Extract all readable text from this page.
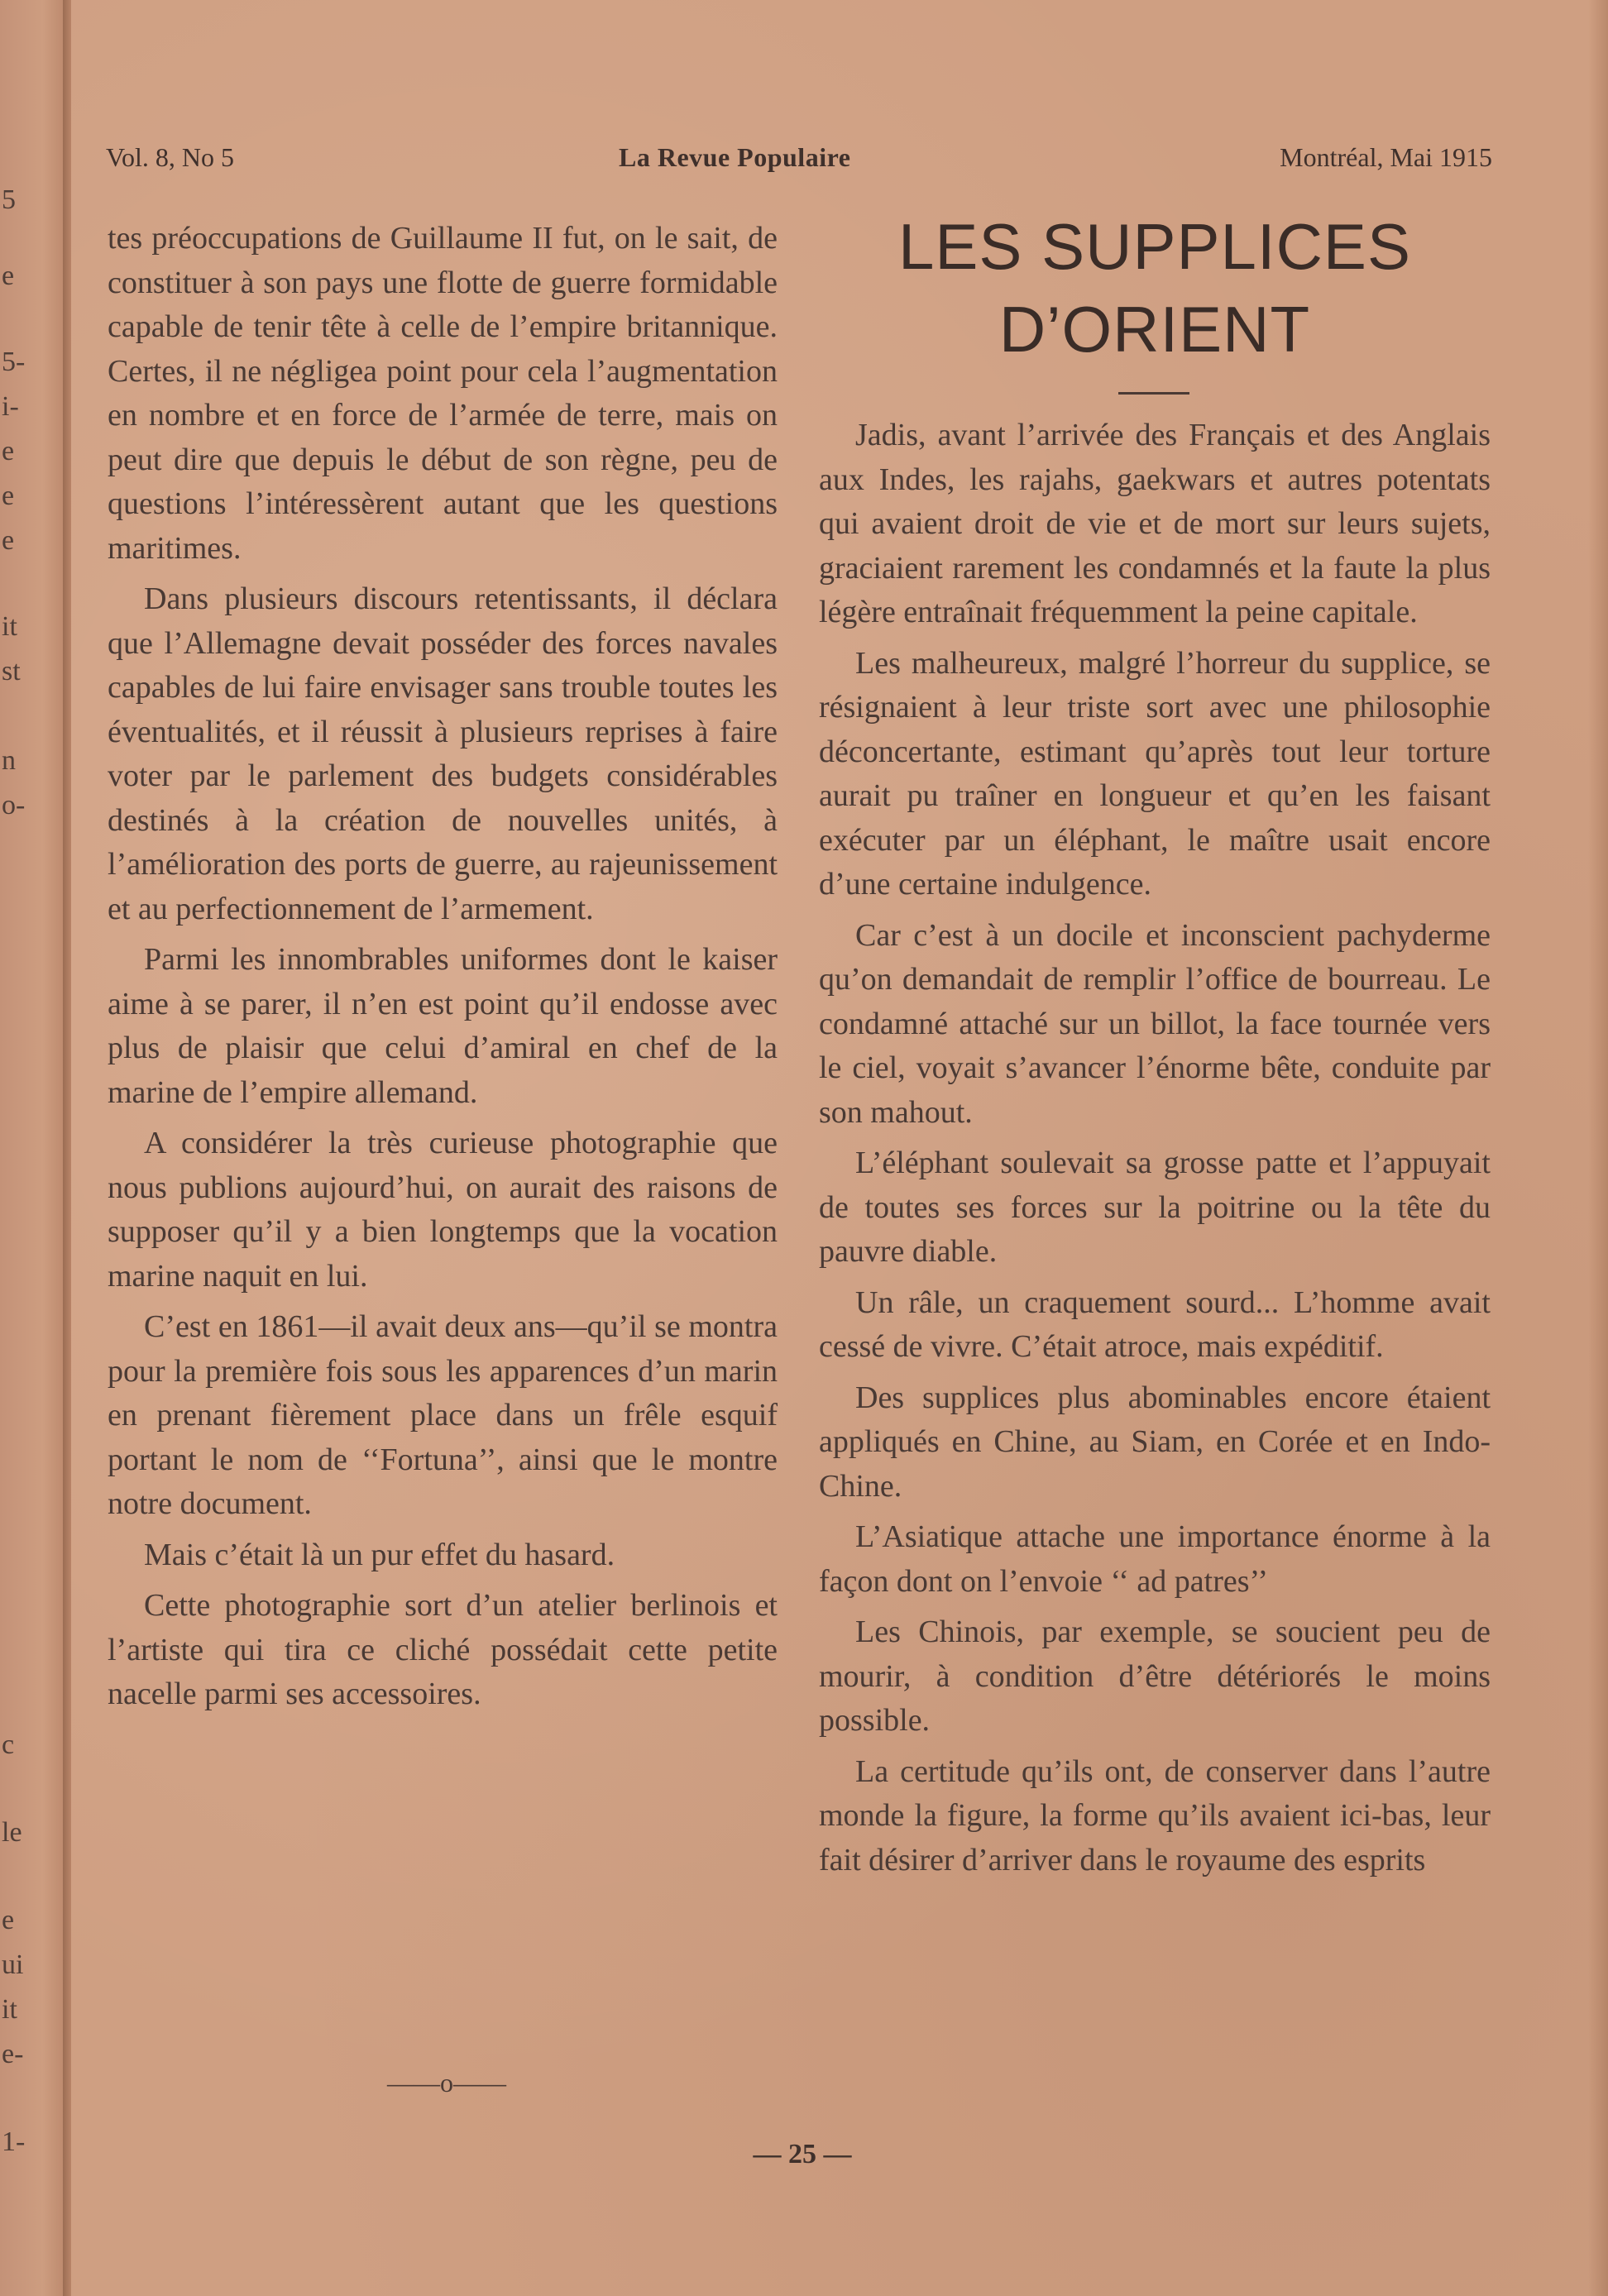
5
e
5-
i-
e
e
e
it
st
n
o-
c
le
e
ui
it
e-
1-
Vol. 8, No 5	La Revue Populaire	Montréal, Mai 1915

tes préoccupations de Guillaume II fut, on le sait, de constituer à son pays une flotte de guerre formidable capable de tenir tête à celle de l’empire britannique. Certes, il ne négligea point pour cela l’augmentation en nombre et en force de l’armée de terre, mais on peut dire que depuis le début de son règne, peu de questions l’intéressèrent autant que les questions maritimes.

Dans plusieurs discours retentissants, il déclara que l’Allemagne devait posséder des forces navales capables de lui faire envisager sans trouble toutes les éventualités, et il réussit à plusieurs reprises à faire voter par le parlement des budgets considérables destinés à la création de nouvelles unités, à l’amélioration des ports de guerre, au rajeunissement et au perfectionnement de l’armement.

Parmi les innombrables uniformes dont le kaiser aime à se parer, il n’en est point qu’il endosse avec plus de plaisir que celui d’amiral en chef de la marine de l’empire allemand.

A considérer la très curieuse photographie que nous publions aujourd’hui, on aurait des raisons de supposer qu’il y a bien longtemps que la vocation marine naquit en lui.

C’est en 1861—il avait deux ans—qu’il se montra pour la première fois sous les apparences d’un marin en prenant fièrement place dans un frêle esquif portant le nom de ‘‘Fortuna’’, ainsi que le montre notre document.

Mais c’était là un pur effet du hasard.

Cette photographie sort d’un atelier berlinois et l’artiste qui tira ce cliché possédait cette petite nacelle parmi ses accessoires.

——o——
LES SUPPLICES
D’ORIENT

Jadis, avant l’arrivée des Français et des Anglais aux Indes, les rajahs, gaekwars et autres potentats qui avaient droit de vie et de mort sur leurs sujets, graciaient rarement les condamnés et la faute la plus légère entraînait fréquemment la peine capitale.

Les malheureux, malgré l’horreur du supplice, se résignaient à leur triste sort avec une philosophie déconcertante, estimant qu’après tout leur torture aurait pu traîner en longueur et qu’en les faisant exécuter par un éléphant, le maître usait encore d’une certaine indulgence.

Car c’est à un docile et inconscient pachyderme qu’on demandait de remplir l’office de bourreau. Le condamné attaché sur un billot, la face tournée vers le ciel, voyait s’avancer l’énorme bête, conduite par son mahout.

L’éléphant soulevait sa grosse patte et l’appuyait de toutes ses forces sur la poitrine ou la tête du pauvre diable.

Un râle, un craquement sourd... L’homme avait cessé de vivre. C’était atroce, mais expéditif.

Des supplices plus abominables encore étaient appliqués en Chine, au Siam, en Corée et en Indo-Chine.

L’Asiatique attache une importance énorme à la façon dont on l’envoie ‘‘ ad patres’’

Les Chinois, par exemple, se soucient peu de mourir, à condition d’être détériorés le moins possible.

La certitude qu’ils ont, de conserver dans l’autre monde la figure, la forme qu’ils avaient ici-bas, leur fait désirer d’arriver dans le royaume des esprits

— 25 —
